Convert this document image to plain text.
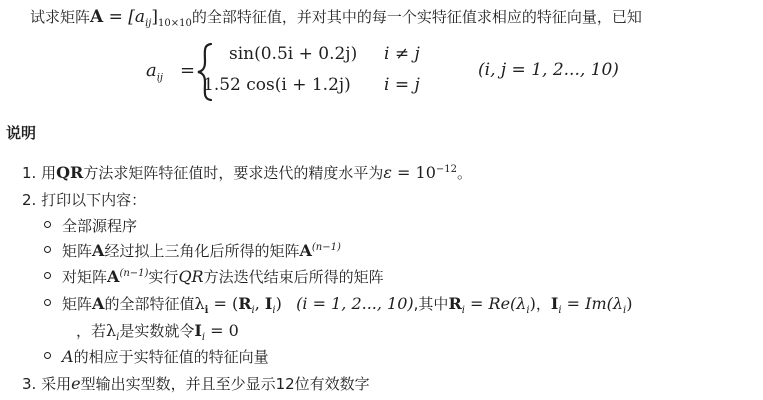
试求矩阵$A = [a_{ij}]_{10\times 10}$的全部特征值，并对其中的每一个实特征值求相应的特征向量，已知
$a_{ij}$ =
sin(0.5i + 0.2j) i ≠ j
1.52 cos(i + 1.2j) i = j
(i, j = 1, 2..., 10)
说明
1. 用QR方法求矩阵特征值时，要求迭代的精度水平为$\varepsilon = 10^{-12}$。
2. 打印以下内容：
全部源程序
矩阵A经过拟上三角化后所得的矩阵$A^{(n-1)}$
对矩阵$A^{(n-1)}$实行QR方法迭代结束后所得的矩阵
矩阵A的全部特征值$\lambda_i = (R_i$, $I_i$) (i = 1, 2..., 10),其中$R_i = Re(\lambda_i)$，$I_i = Im(\lambda_i)$
，若$\lambda_i$是实数就令$I_i = 0$
A的相应于实特征值的特征向量
3. 采用e型输出实型数，并且至少显示12位有效数字
